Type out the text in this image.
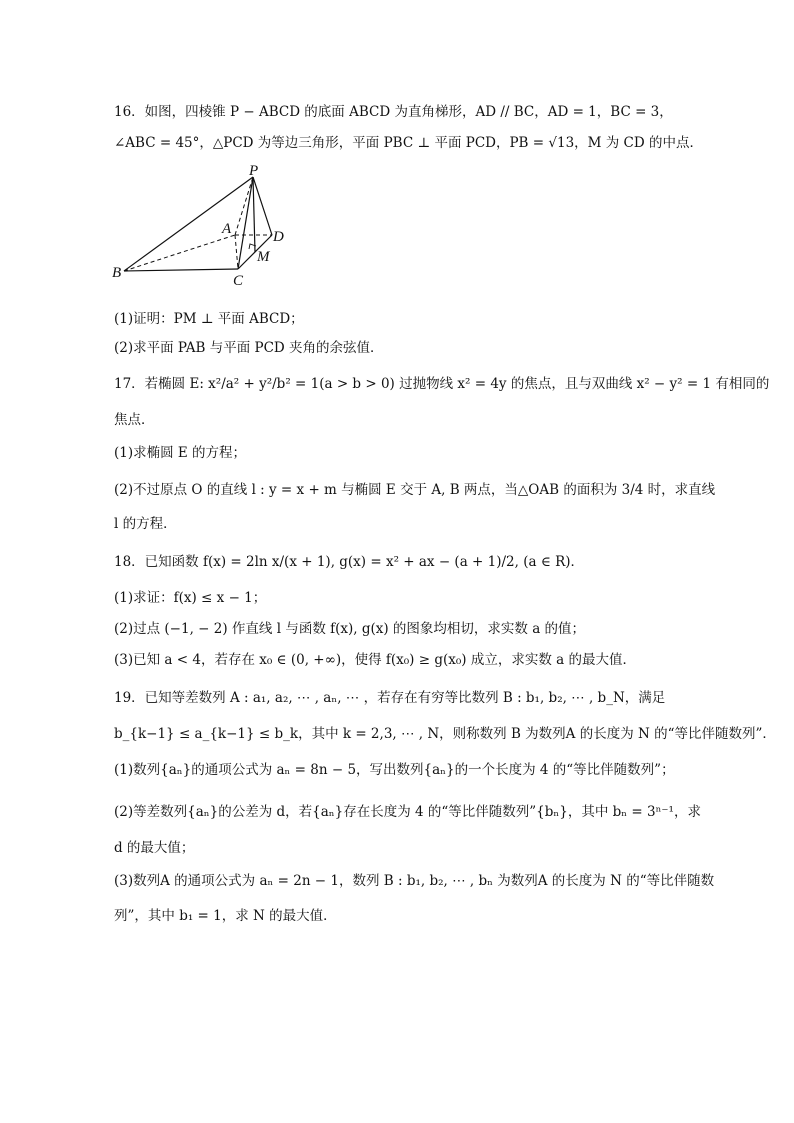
16．如图，四棱锥 P − ABCD 的底面 ABCD 为直角梯形，AD // BC，AD = 1，BC = 3，
∠ABC = 45°，△PCD 为等边三角形，平面 PBC ⊥ 平面 PCD，PB = √13，M 为 CD 的中点．
P
A	D
M
B	C
(1)证明：PM ⊥ 平面 ABCD；
(2)求平面 PAB 与平面 PCD 夹角的余弦值．
17．若椭圆 E: x²/a² + y²/b² = 1(a > b > 0) 过抛物线 x² = 4y 的焦点，且与双曲线 x² − y² = 1 有相同的
焦点．
(1)求椭圆 E 的方程；
(2)不过原点 O 的直线 l : y = x + m 与椭圆 E 交于 A, B 两点，当△OAB 的面积为 3/4 时，求直线
l 的方程．
18．已知函数 f(x) = 2ln x/(x + 1), g(x) = x² + ax − (a + 1)/2, (a ∈ R)．
(1)求证：f(x) ≤ x − 1；
(2)过点 (−1, − 2) 作直线 l 与函数 f(x), g(x) 的图象均相切，求实数 a 的值；
(3)已知 a < 4，若存在 x₀ ∈ (0, +∞)，使得 f(x₀) ≥ g(x₀) 成立，求实数 a 的最大值．
19．已知等差数列 A : a₁, a₂, ⋯ , aₙ, ⋯ ，若存在有穷等比数列 B : b₁, b₂, ⋯ , b_N，满足
b_{k−1} ≤ a_{k−1} ≤ b_k，其中 k = 2,3, ⋯ , N，则称数列 B 为数列A 的长度为 N 的“等比伴随数列”．
(1)数列{aₙ}的通项公式为 aₙ = 8n − 5，写出数列{aₙ}的一个长度为 4 的“等比伴随数列”；
(2)等差数列{aₙ}的公差为 d，若{aₙ}存在长度为 4 的“等比伴随数列”{bₙ}，其中 bₙ = 3ⁿ⁻¹，求
d 的最大值；
(3)数列A 的通项公式为 aₙ = 2n − 1，数列 B : b₁, b₂, ⋯ , bₙ 为数列A 的长度为 N 的“等比伴随数
列”，其中 b₁ = 1，求 N 的最大值．
